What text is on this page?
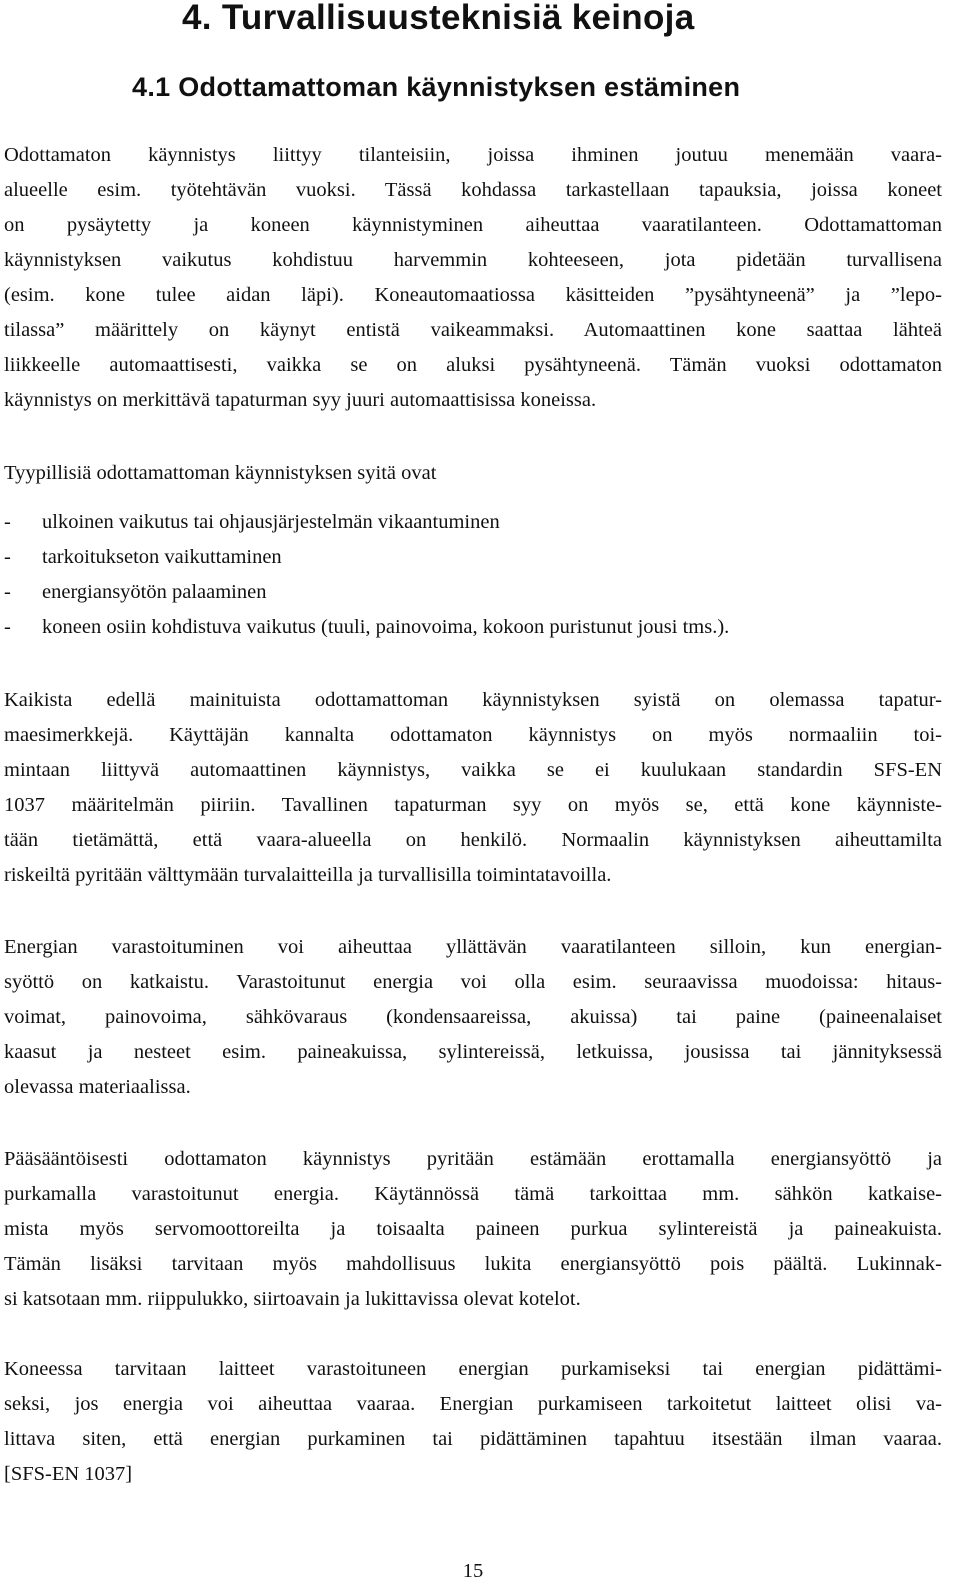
4. Turvallisuusteknisiä keinoja
4.1 Odottamattoman käynnistyksen estäminen

Odottamaton käynnistys liittyy tilanteisiin, joissa ihminen joutuu menemään vaara-
alueelle esim. työtehtävän vuoksi. Tässä kohdassa tarkastellaan tapauksia, joissa koneet
on pysäytetty ja koneen käynnistyminen aiheuttaa vaaratilanteen. Odottamattoman
käynnistyksen vaikutus kohdistuu harvemmin kohteeseen, jota pidetään turvallisena
(esim. kone tulee aidan läpi). Koneautomaatiossa käsitteiden ”pysähtyneenä” ja ”lepo-
tilassa” määrittely on käynyt entistä vaikeammaksi. Automaattinen kone saattaa lähteä
liikkeelle automaattisesti, vaikka se on aluksi pysähtyneenä. Tämän vuoksi odottamaton
käynnistys on merkittävä tapaturman syy juuri automaattisissa koneissa.

Tyypillisiä odottamattoman käynnistyksen syitä ovat

-	ulkoinen vaikutus tai ohjausjärjestelmän vikaantuminen
-	tarkoitukseton vaikuttaminen
-	energiansyötön palaaminen
-	koneen osiin kohdistuva vaikutus (tuuli, painovoima, kokoon puristunut jousi tms.).

Kaikista edellä mainituista odottamattoman käynnistyksen syistä on olemassa tapatur-
maesimerkkejä. Käyttäjän kannalta odottamaton käynnistys on myös normaaliin toi-
mintaan liittyvä automaattinen käynnistys, vaikka se ei kuulukaan standardin SFS-EN
1037 määritelmän piiriin. Tavallinen tapaturman syy on myös se, että kone käynniste-
tään tietämättä, että vaara-alueella on henkilö. Normaalin käynnistyksen aiheuttamilta
riskeiltä pyritään välttymään turvalaitteilla ja turvallisilla toimintatavoilla.

Energian varastoituminen voi aiheuttaa yllättävän vaaratilanteen silloin, kun energian-
syöttö on katkaistu. Varastoitunut energia voi olla esim. seuraavissa muodoissa: hitaus-
voimat, painovoima, sähkövaraus (kondensaareissa, akuissa) tai paine (paineenalaiset
kaasut ja nesteet esim. paineakuissa, sylintereissä, letkuissa, jousissa tai jännityksessä
olevassa materiaalissa.

Pääsääntöisesti odottamaton käynnistys pyritään estämään erottamalla energiansyöttö ja
purkamalla varastoitunut energia. Käytännössä tämä tarkoittaa mm. sähkön katkaise-
mista myös servomoottoreilta ja toisaalta paineen purkua sylintereistä ja paineakuista.
Tämän lisäksi tarvitaan myös mahdollisuus lukita energiansyöttö pois päältä. Lukinnak-
si katsotaan mm. riippulukko, siirtoavain ja lukittavissa olevat kotelot.

Koneessa tarvitaan laitteet varastoituneen energian purkamiseksi tai energian pidättämi-
seksi, jos energia voi aiheuttaa vaaraa. Energian purkamiseen tarkoitetut laitteet olisi va-
littava siten, että energian purkaminen tai pidättäminen tapahtuu itsestään ilman vaaraa.
[SFS-EN 1037]

15
